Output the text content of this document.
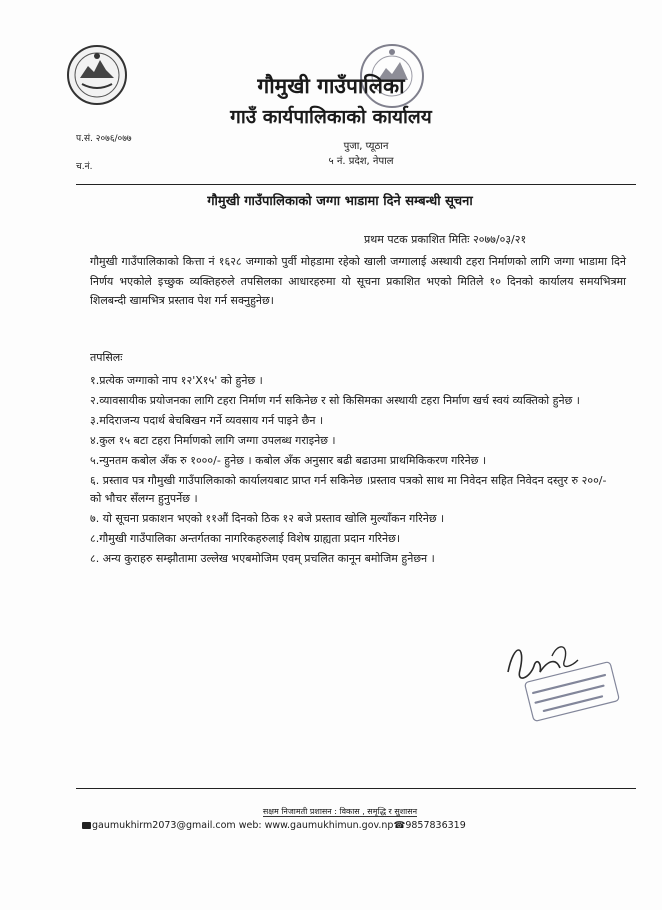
गौमुखी गाउँपालिका
गाउँ कार्यपालिकाको कार्यालय
पुजा, प्यूठान
५ नं. प्रदेश, नेपाल
प.सं. २०७६/०७७
च.नं.
गौमुखी गाउँपालिकाको जग्गा भाडामा दिने सम्बन्धी सूचना
प्रथम पटक प्रकाशित मितिः २०७७/०३/२१
गौमुखी गाउँपालिकाको कित्ता नं १६२८ जग्गाको पुर्वी मोहडामा रहेको खाली जग्गालाई अस्थायी टहरा निर्माणको लागि जग्गा भाडामा दिने निर्णय भएकोले इच्छुक व्यक्तिहरुले तपसिलका आधारहरुमा यो सूचना प्रकाशित भएको मितिले १० दिनको कार्यालय समयभित्रमा शिलबन्दी खामभित्र प्रस्ताव पेश गर्न सक्नुहुनेछ।
तपसिलः
१.प्रत्येक जग्गाको नाप १२'X१५' को हुनेछ ।
२.व्यावसायीक प्रयोजनका लागि टहरा निर्माण गर्न सकिनेछ र सो किसिमका अस्थायी टहरा निर्माण खर्च स्वयं व्यक्तिको हुनेछ ।
३.मदिराजन्य पदार्थ बेचबिखन गर्ने व्यवसाय गर्न पाइने छैन ।
४.कुल १५ बटा टहरा निर्माणको लागि जग्गा उपलब्ध गराइनेछ ।
५.न्युनतम कबोल अँक रु १०००/- हुनेछ । कबोल अँक अनुसार बढी बढाउमा प्राथमिकिकरण गरिनेछ ।
६. प्रस्ताव पत्र गौमुखी गाउँपालिकाको कार्यालयबाट प्राप्त गर्न सकिनेछ ।प्रस्ताव पत्रको साथ मा निवेदन सहित निवेदन दस्तुर रु २००/- को भौचर सँलग्न हुनुपर्नेछ ।
७. यो सूचना प्रकाशन भएको ११औं दिनको ठिक १२ बजे प्रस्ताव खोलि मुल्याँकन गरिनेछ ।
८.गौमुखी गाउँपालिका अन्तर्गतका नागरिकहरुलाई विशेष ग्राह्यता प्रदान गरिनेछ।
८. अन्य कुराहरु सम्झौतामा उल्लेख भएबमोजिम एवम् प्रचलित कानून बमोजिम हुनेछन ।
सक्षम निजामती प्रशासन : विकास , समृद्धि र सुशासन
gaumukhirm2073@gmail.com web: www.gaumukhimun.gov.np☎9857836319
